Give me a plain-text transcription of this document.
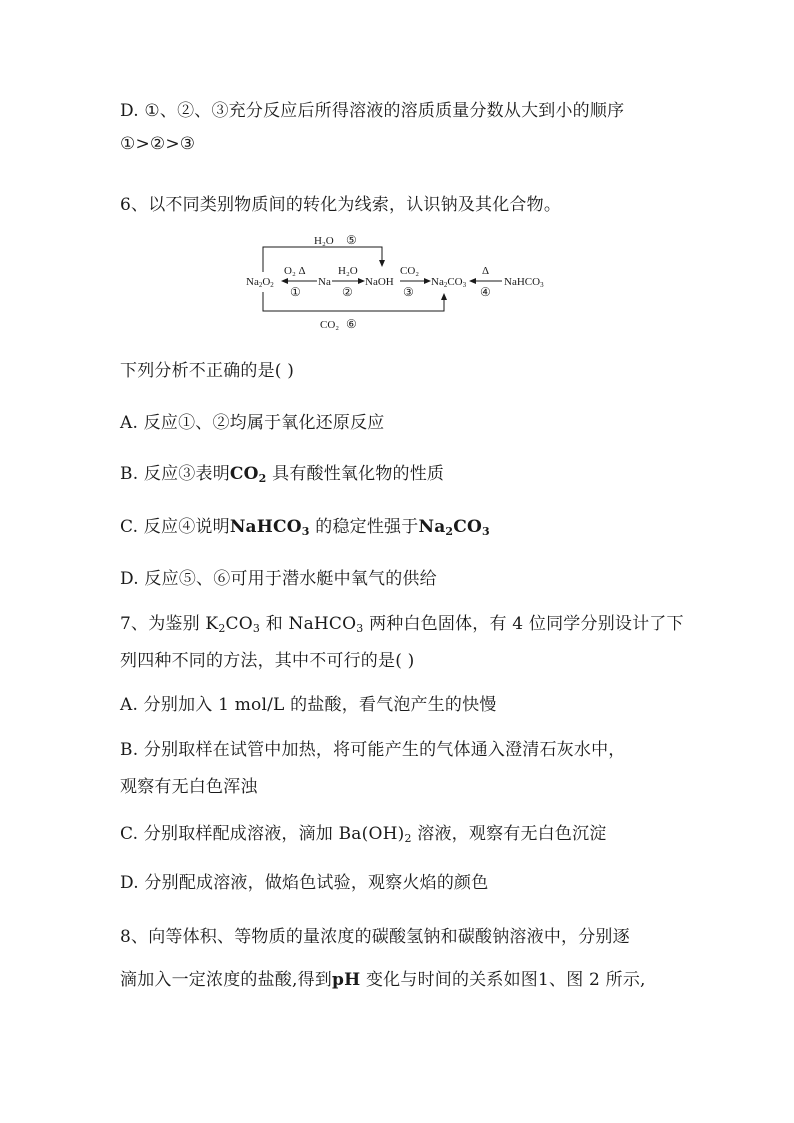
D. ①、②、③充分反应后所得溶液的溶质质量分数从大到小的顺序
①>②>③
6、以不同类别物质间的转化为线索，认识钠及其化合物。
Na2O2	Na	NaOH	Na2CO3	NaHCO3
H₂O ⑤
O₂ Δ
①
H₂O
②
CO₂
③
Δ
④
CO₂ ⑥
下列分析不正确的是( )
A. 反应①、②均属于氧化还原反应
B. 反应③表明$CO_2$ 具有酸性氧化物的性质
C. 反应④说明NaHCO$_3$ 的稳定性强于$Na_2CO_3$
D. 反应⑤、⑥可用于潜水艇中氧气的供给
7、为鉴别 $K_2CO_3$ 和 NaHCO$_3$ 两种白色固体，有 4 位同学分别设计了下
列四种不同的方法，其中不可行的是( )
A. 分别加入 1 mol/L 的盐酸，看气泡产生的快慢
B. 分别取样在试管中加热，将可能产生的气体通入澄清石灰水中，
观察有无白色浑浊
C. 分别取样配成溶液，滴加 $Ba(OH)_2$ 溶液，观察有无白色沉淀
D. 分别配成溶液，做焰色试验，观察火焰的颜色
8、向等体积、等物质的量浓度的碳酸氢钠和碳酸钠溶液中，分别逐
滴加入一定浓度的盐酸,得到pH 变化与时间的关系如图1、图 2 所示,
